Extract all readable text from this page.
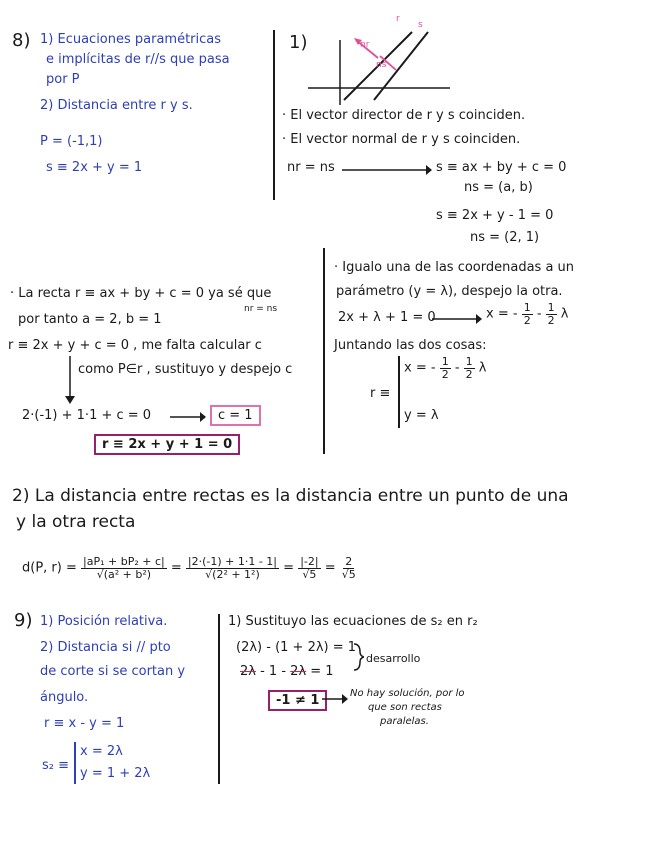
8) 1) Ecuaciones paramétricas
e implícitas de r//s que pasa
por P
2) Distancia entre r y s.
P = (-1,1)
s ≡ 2x + y = 1
1)
r
s
nr
ns
· El vector director de r y s coinciden.
· El vector normal de r y s coinciden.
nr = ns	s ≡ ax + by + c = 0
ns = (a, b)
s ≡ 2x + y - 1 = 0
ns = (2, 1)
· La recta r ≡ ax + by + c = 0 ya sé que
nr = ns
por tanto a = 2, b = 1
r ≡ 2x + y + c = 0 , me falta calcular c
como P∈r , sustituyo y despejo c
2·(-1) + 1·1 + c = 0	c = 1
r ≡ 2x + y + 1 = 0
· Igualo una de las coordenadas a un
parámetro (y = λ), despejo la otra.
2x + λ + 1 = 0	x = - $\frac{1}{2} - \frac{1}{2}$ λ
Juntando las dos cosas:
r ≡
x = - $\frac{1}{2} - \frac{1}{2}$ λ
y = λ
2) La distancia entre rectas es la distancia entre un punto de una
y la otra recta
d(P, $r) = \frac{\text{|aP₁ + bP₂ + c|}}{\text{√(a² + b²)}} = \frac{|2\cdot(-1) + 1\cdot 1 - 1|}{\text{√(2² + 1²)}} = \frac{|-2|}{√5} = \frac{2}{√5}$
9) 1) Posición relativa.
2) Distancia si // pto
de corte si se cortan y
ángulo.
r ≡ x - y = 1
s₂ ≡
x = 2λ
y = 1 + 2λ
1) Sustituyo las ecuaciones de s₂ en r₂
(2λ) - (1 + 2λ) = 1
2λ - 1 - 2λ = 1
desarrollo
-1 ≠ 1	No hay solución, por lo
que son rectas
paralelas.
